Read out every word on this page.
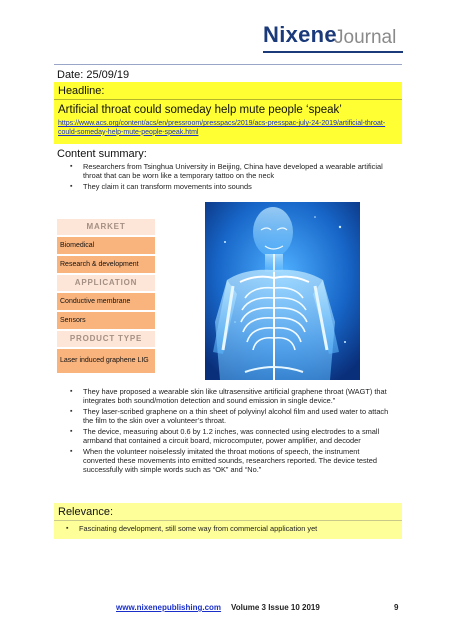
Nixene
Journal
Date: 25/09/19
Headline:
Artificial throat could someday help mute people ‘speak’
https://www.acs.org/content/acs/en/pressroom/presspacs/2019/acs-presspac-july-24-2019/artificial-throat-could-someday-help-mute-people-speak.html
Content summary:
▪ Researchers from Tsinghua University in Beijing, China have developed a wearable artificial throat that can be worn like a temporary tattoo on the neck
▪ They claim it can transform movements into sounds
MARKET
Biomedical
Research & development
APPLICATION
Conductive membrane
Sensors
PRODUCT TYPE
Laser induced graphene LIG
▪ They have proposed a wearable skin like ultrasensitive artificial graphene throat (WAGT) that integrates both sound/motion detection and sound emission in single device.”
▪ They laser-scribed graphene on a thin sheet of polyvinyl alcohol film and used water to attach the film to the skin over a volunteer’s throat.
▪ The device, measuring about 0.6 by 1.2 inches, was connected using electrodes to a small armband that contained a circuit board, microcomputer, power amplifier, and decoder
▪ When the volunteer noiselessly imitated the throat motions of speech, the instrument converted these movements into emitted sounds, researchers reported. The device tested successfully with simple words such as “OK” and “No.”
Relevance:
▪ Fascinating development, still some way from commercial application yet
www.nixenepublishing.com Volume 3 Issue 10 2019	9
